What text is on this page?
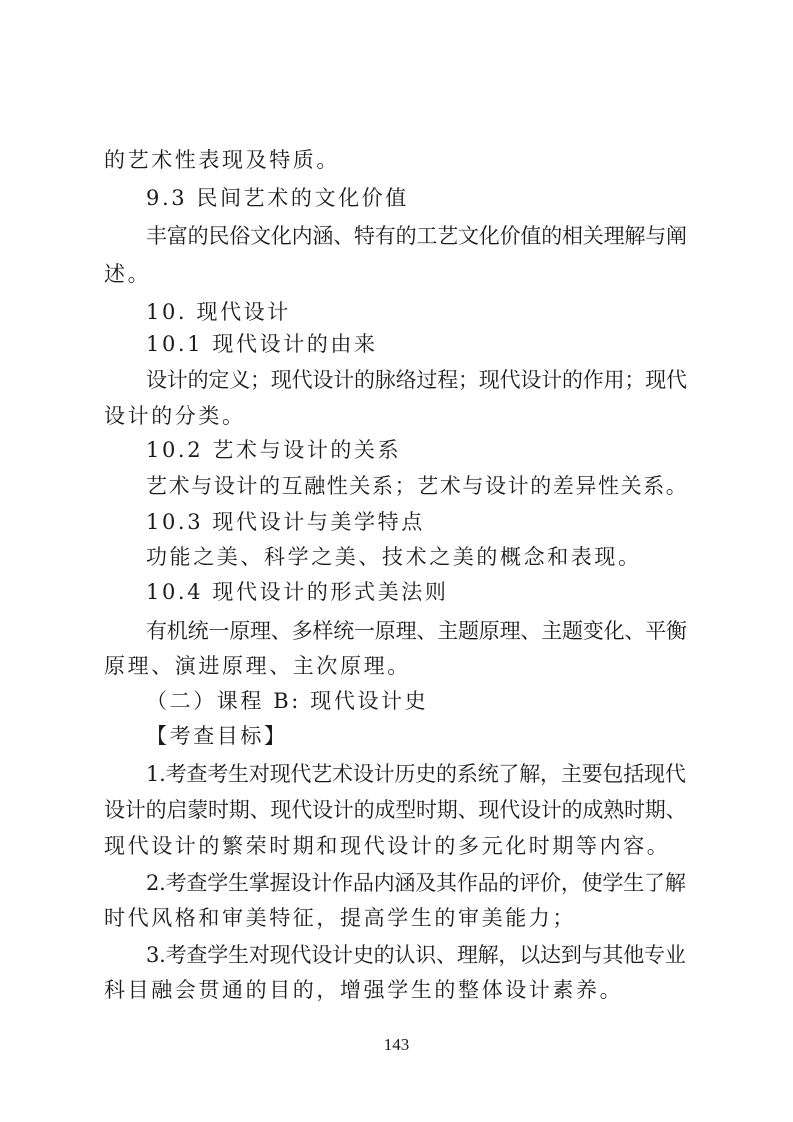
的艺术性表现及特质。
9.3 民间艺术的文化价值
丰富的民俗文化内涵、特有的工艺文化价值的相关理解与阐
述。
10. 现代设计
10.1 现代设计的由来
设计的定义；现代设计的脉络过程；现代设计的作用；现代
设计的分类。
10.2 艺术与设计的关系
艺术与设计的互融性关系；艺术与设计的差异性关系。
10.3 现代设计与美学特点
功能之美、科学之美、技术之美的概念和表现。
10.4 现代设计的形式美法则
有机统一原理、多样统一原理、主题原理、主题变化、平衡
原理、演进原理、主次原理。
（二）课程 B: 现代设计史
【考查目标】
1.考查考生对现代艺术设计历史的系统了解，主要包括现代
设计的启蒙时期、现代设计的成型时期、现代设计的成熟时期、
现代设计的繁荣时期和现代设计的多元化时期等内容。
2.考查学生掌握设计作品内涵及其作品的评价，使学生了解
时代风格和审美特征，提高学生的审美能力；
3.考查学生对现代设计史的认识、理解，以达到与其他专业
科目融会贯通的目的，增强学生的整体设计素养。
143
